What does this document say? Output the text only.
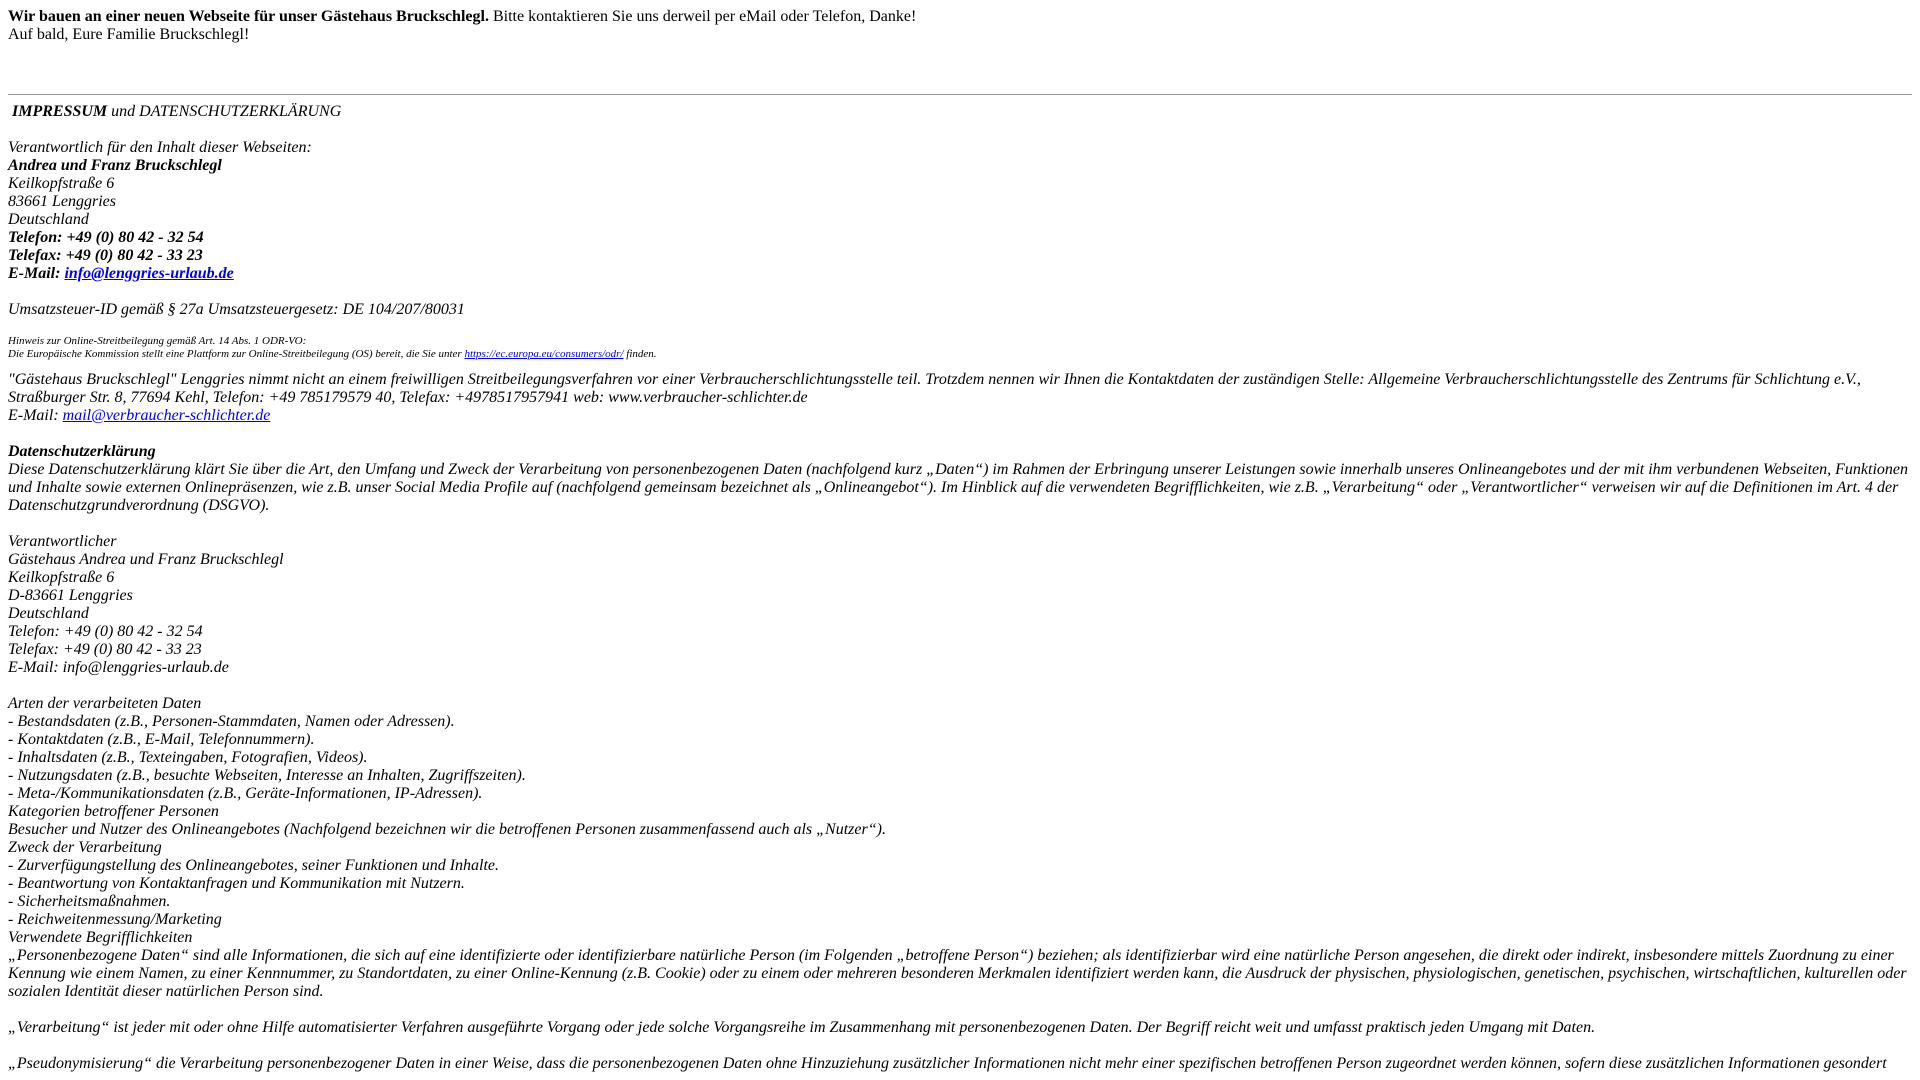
Wir bauen an einer neuen Webseite für unser Gästehaus Bruckschlegl. Bitte kontaktieren Sie uns derweil per eMail oder Telefon, Danke!
Auf bald, Eure Familie Bruckschlegl!
IMPRESSUM und DATENSCHUTZERKLÄRUNG
Verantwortlich für den Inhalt dieser Webseiten:
Andrea und Franz Bruckschlegl
Keilkopfstraße 6
83661 Lenggries
Deutschland
Telefon: +49 (0) 80 42 - 32 54
Telefax: +49 (0) 80 42 - 33 23
E-Mail: info@lenggries-urlaub.de
Umsatzsteuer-ID gemäß § 27a Umsatzsteuergesetz: DE 104/207/80031
Hinweis zur Online-Streitbeilegung gemäß Art. 14 Abs. 1 ODR-VO:
Die Europäische Kommission stellt eine Plattform zur Online-Streitbeilegung (OS) bereit, die Sie unter https://ec.europa.eu/consumers/odr/ finden.
"Gästehaus Bruckschlegl" Lenggries nimmt nicht an einem freiwilligen Streitbeilegungsverfahren vor einer Verbraucherschlichtungsstelle teil. Trotzdem nennen wir Ihnen die Kontaktdaten der zuständigen Stelle: Allgemeine Verbraucherschlichtungsstelle des Zentrums für Schlichtung e.V., Straßburger Str. 8, 77694 Kehl, Telefon: +49 785179579 40, Telefax: +4978517957941 web: www.verbraucher-schlichter.de
E-Mail: mail@verbraucher-schlichter.de
Datenschutzerklärung
Diese Datenschutzerklärung klärt Sie über die Art, den Umfang und Zweck der Verarbeitung von personenbezogenen Daten (nachfolgend kurz „Daten“) im Rahmen der Erbringung unserer Leistungen sowie innerhalb unseres Onlineangebotes und der mit ihm verbundenen Webseiten, Funktionen und Inhalte sowie externen Onlinepräsenzen, wie z.B. unser Social Media Profile auf (nachfolgend gemeinsam bezeichnet als „Onlineangebot“). Im Hinblick auf die verwendeten Begrifflichkeiten, wie z.B. „Verarbeitung“ oder „Verantwortlicher“ verweisen wir auf die Definitionen im Art. 4 der Datenschutzgrundverordnung (DSGVO).
Verantwortlicher
Gästehaus Andrea und Franz Bruckschlegl
Keilkopfstraße 6
D-83661 Lenggries
Deutschland
Telefon: +49 (0) 80 42 - 32 54
Telefax: +49 (0) 80 42 - 33 23
E-Mail: info@lenggries-urlaub.de
Arten der verarbeiteten Daten
- Bestandsdaten (z.B., Personen-Stammdaten, Namen oder Adressen).
- Kontaktdaten (z.B., E-Mail, Telefonnummern).
- Inhaltsdaten (z.B., Texteingaben, Fotografien, Videos).
- Nutzungsdaten (z.B., besuchte Webseiten, Interesse an Inhalten, Zugriffszeiten).
- Meta-/Kommunikationsdaten (z.B., Geräte-Informationen, IP-Adressen).
Kategorien betroffener Personen
Besucher und Nutzer des Onlineangebotes (Nachfolgend bezeichnen wir die betroffenen Personen zusammenfassend auch als „Nutzer“).
Zweck der Verarbeitung
- Zurverfügungstellung des Onlineangebotes, seiner Funktionen und Inhalte.
- Beantwortung von Kontaktanfragen und Kommunikation mit Nutzern.
- Sicherheitsmaßnahmen.
- Reichweitenmessung/Marketing
Verwendete Begrifflichkeiten
„Personenbezogene Daten“ sind alle Informationen, die sich auf eine identifizierte oder identifizierbare natürliche Person (im Folgenden „betroffene Person“) beziehen; als identifizierbar wird eine natürliche Person angesehen, die direkt oder indirekt, insbesondere mittels Zuordnung zu einer Kennung wie einem Namen, zu einer Kennnummer, zu Standortdaten, zu einer Online-Kennung (z.B. Cookie) oder zu einem oder mehreren besonderen Merkmalen identifiziert werden kann, die Ausdruck der physischen, physiologischen, genetischen, psychischen, wirtschaftlichen, kulturellen oder sozialen Identität dieser natürlichen Person sind.
„Verarbeitung“ ist jeder mit oder ohne Hilfe automatisierter Verfahren ausgeführte Vorgang oder jede solche Vorgangsreihe im Zusammenhang mit personenbezogenen Daten. Der Begriff reicht weit und umfasst praktisch jeden Umgang mit Daten.
„Pseudonymisierung“ die Verarbeitung personenbezogener Daten in einer Weise, dass die personenbezogenen Daten ohne Hinzuziehung zusätzlicher Informationen nicht mehr einer spezifischen betroffenen Person zugeordnet werden können, sofern diese zusätzlichen Informationen gesondert
